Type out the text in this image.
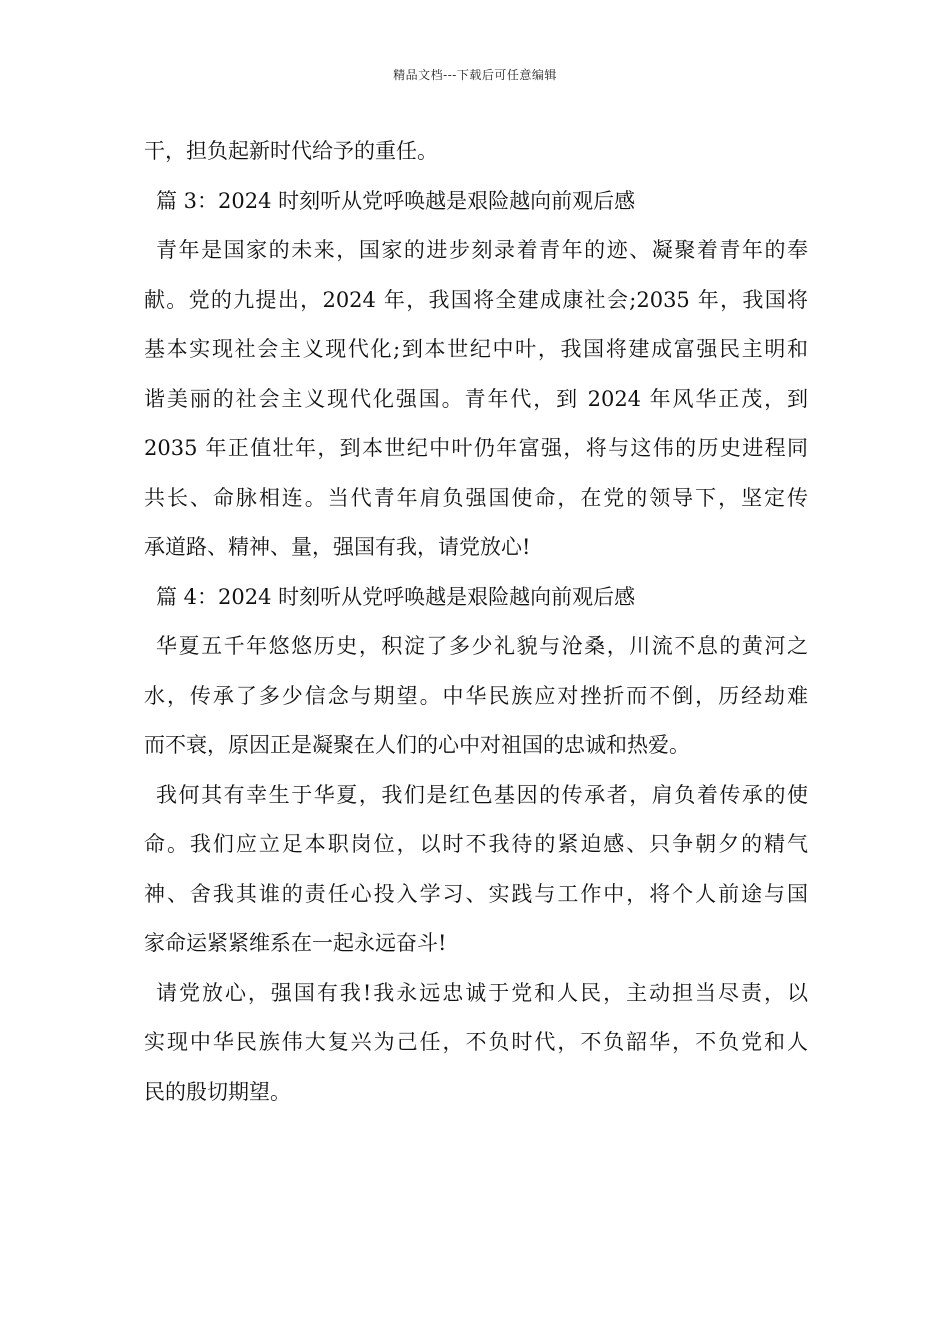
精品文档---下载后可任意编辑
干，担负起新时代给予的重任。
篇 3：2024 时刻听从党呼唤越是艰险越向前观后感
青年是国家的未来，国家的进步刻录着青年的迹、凝聚着青年的奉
献。党的九提出，2024 年，我国将全建成康社会;2035 年，我国将
基本实现社会主义现代化;到本世纪中叶，我国将建成富强民主明和
谐美丽的社会主义现代化强国。青年代，到 2024 年风华正茂，到
2035 年正值壮年，到本世纪中叶仍年富强，将与这伟的历史进程同
共长、命脉相连。当代青年肩负强国使命，在党的领导下，坚定传
承道路、精神、量，强国有我，请党放心!
篇 4：2024 时刻听从党呼唤越是艰险越向前观后感
华夏五千年悠悠历史，积淀了多少礼貌与沧桑，川流不息的黄河之
水，传承了多少信念与期望。中华民族应对挫折而不倒，历经劫难
而不衰，原因正是凝聚在人们的心中对祖国的忠诚和热爱。
我何其有幸生于华夏，我们是红色基因的传承者，肩负着传承的使
命。我们应立足本职岗位，以时不我待的紧迫感、只争朝夕的精气
神、舍我其谁的责任心投入学习、实践与工作中，将个人前途与国
家命运紧紧维系在一起永远奋斗!
请党放心，强国有我!我永远忠诚于党和人民，主动担当尽责，以
实现中华民族伟大复兴为己任，不负时代，不负韶华，不负党和人
民的殷切期望。
